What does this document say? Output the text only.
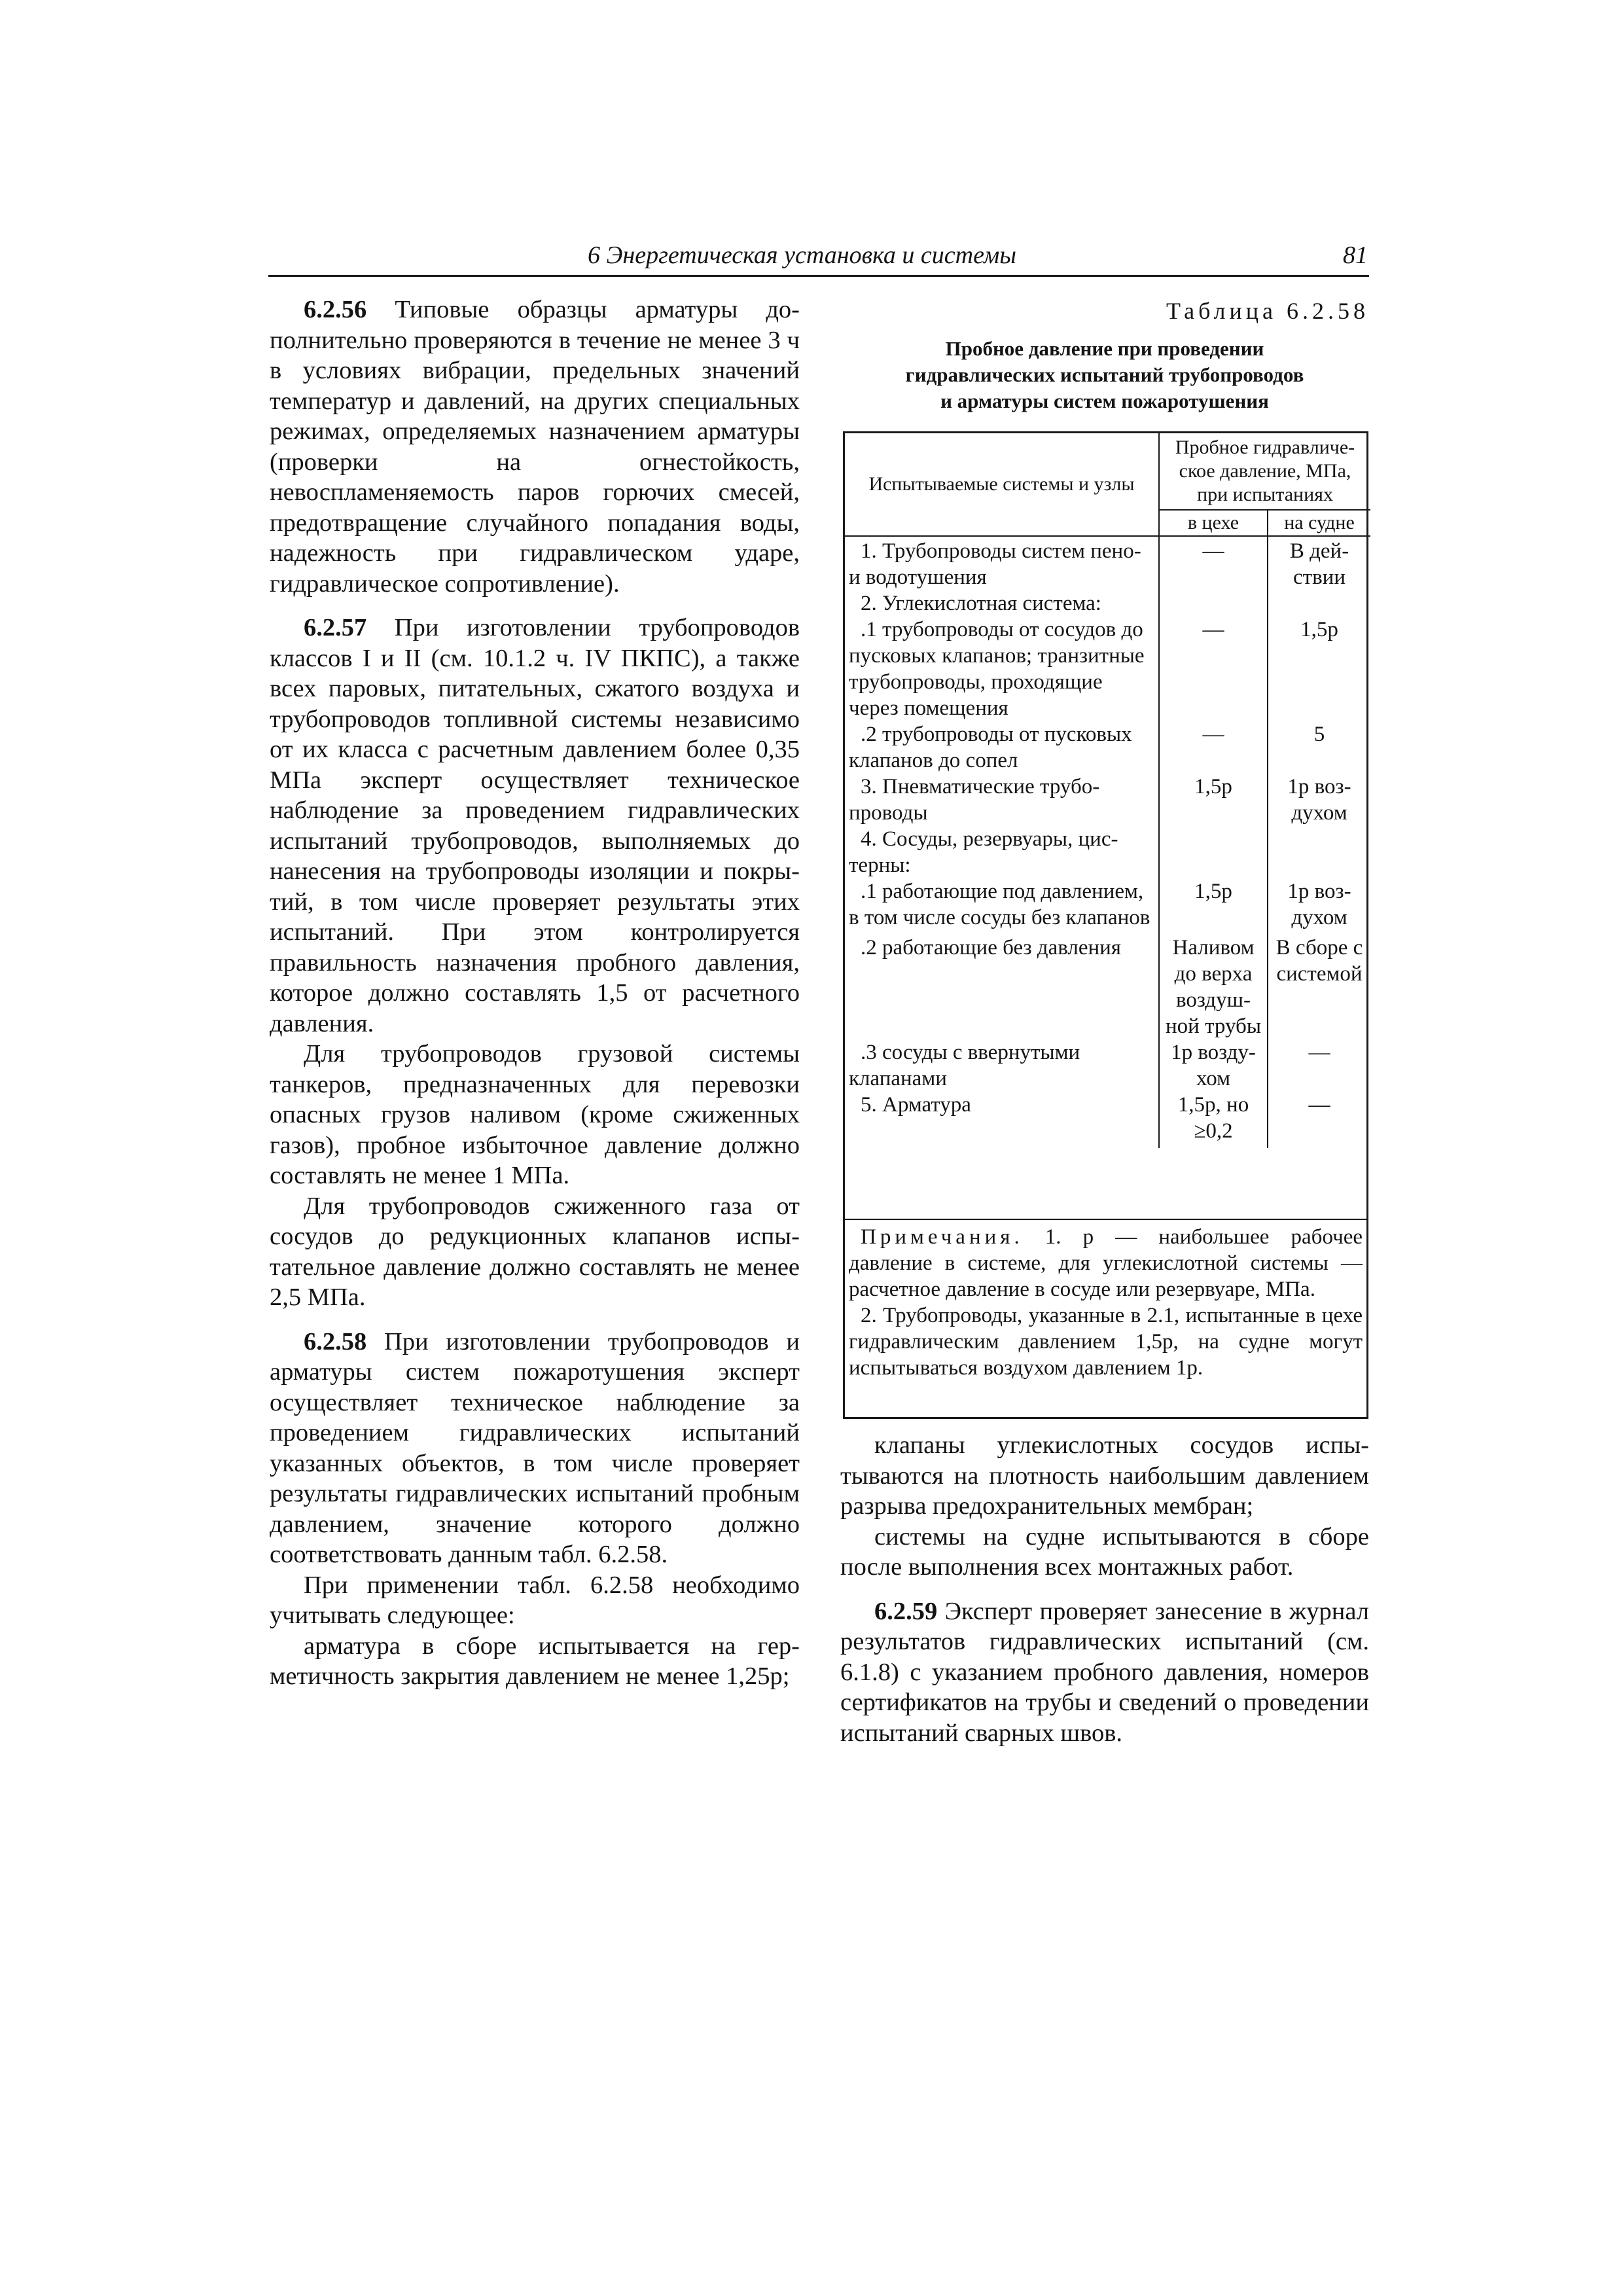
6 Энергетическая установка и системы	81

6.2.56 Типовые образцы арматуры дополнительно проверяются в течение не менее 3 ч в условиях вибрации, предельных значений температур и давлений, на других специальных режимах, определяемых назначением арматуры (проверки на огнестойкость, невоспламеняемость паров горючих смесей, предотвращение случайного попадания воды, надежность при гидравлическом ударе, гидравлическое сопротивление).

6.2.57 При изготовлении трубопроводов классов I и II (см. 10.1.2 ч. IV ПКПС), а также всех паровых, питательных, сжатого воздуха и трубопроводов топливной системы независимо от их класса с расчетным давлением более 0,35 МПа эксперт осуществляет техническое наблюдение за проведением гидравлических испытаний трубопроводов, выполняемых до нанесения на трубопроводы изоляции и покрытий, в том числе проверяет результаты этих испытаний. При этом контролируется правильность назначения пробного давления, которое должно составлять 1,5 от расчетного давления.

Для трубопроводов грузовой системы танкеров, предназначенных для перевозки опасных грузов наливом (кроме сжиженных газов), пробное избыточное давление должно составлять не менее 1 МПа.

Для трубопроводов сжиженного газа от сосудов до редукционных клапанов испытательное давление должно составлять не менее 2,5 МПа.

6.2.58 При изготовлении трубопроводов и арматуры систем пожаротушения эксперт осуществляет техническое наблюдение за проведением гидравлических испытаний указанных объектов, в том числе проверяет результаты гидравлических испытаний пробным давлением, значение которого должно соответствовать данным табл. 6.2.58.

При применении табл. 6.2.58 необходимо учитывать следующее:

арматура в сборе испытывается на герметичность закрытия давлением не менее 1,25p;

Таблица 6.2.58
Пробное давление при проведении
гидравлических испытаний трубопроводов
и арматуры систем пожаротушения
Испытываемые системы и узлы	Пробное гидравлическое давление, МПа, при испытаниях	
	в цехе	на судне
1. Трубопроводы систем пено- и водотушения	—	В действии
2. Углекислотная система:		
.1 трубопроводы от сосудов до пусковых клапанов; транзитные трубопроводы, проходящие через помещения	—	1,5p
.2 трубопроводы от пусковых клапанов до сопел	—	5
3. Пневматические трубопроводы	1,5p	1p воздухом
4. Сосуды, резервуары, цистерны:		
.1 работающие под давлением, в том числе сосуды без клапанов	1,5p	1p воздухом
.2 работающие без давления	Наливом до верха воздушной трубы	В сборе с системой
.3 сосуды с ввернутыми клапанами	1p воздухом	—
5. Арматура	1,5p, но ≥0,2	—

Примечания. 1. p — наибольшее рабочее давление в системе, для углекислотной системы — расчетное давление в сосуде или резервуаре, МПа.

2. Трубопроводы, указанные в 2.1, испытанные в цехе гидравлическим давлением 1,5p, на судне могут испытываться воздухом давлением 1p.

клапаны углекислотных сосудов испытываются на плотность наибольшим давлением разрыва предохранительных мембран;

системы на судне испытываются в сборе после выполнения всех монтажных работ.

6.2.59 Эксперт проверяет занесение в журнал результатов гидравлических испытаний (см. 6.1.8) с указанием пробного давления, номеров сертификатов на трубы и сведений о проведении испытаний сварных швов.
